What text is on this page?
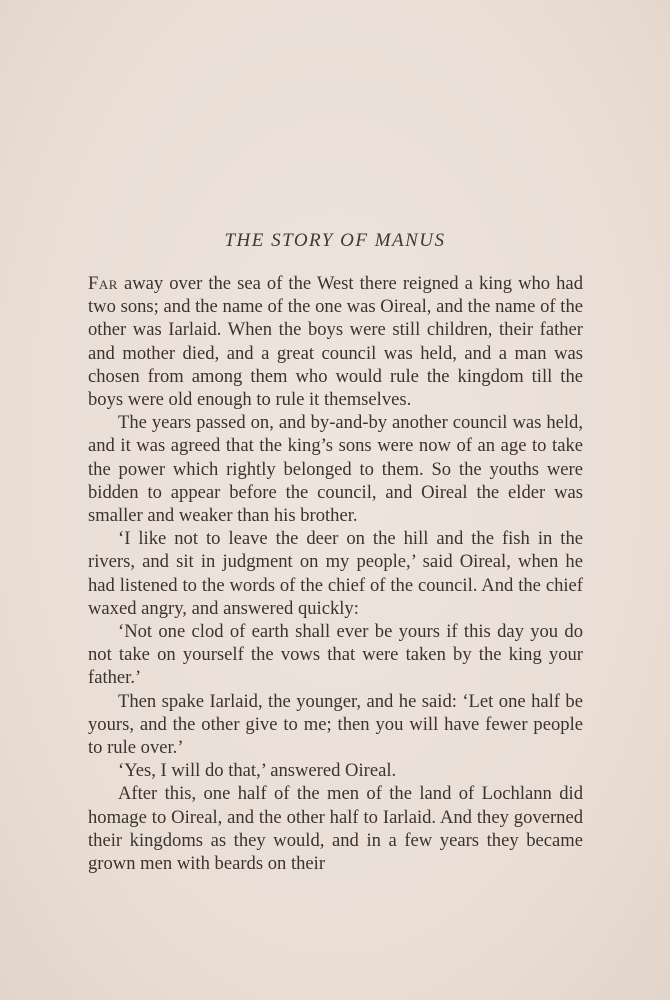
THE STORY OF MANUS

Far away over the sea of the West there reigned a king who had two sons; and the name of the one was Oireal, and the name of the other was Iarlaid. When the boys were still children, their father and mother died, and a great council was held, and a man was chosen from among them who would rule the kingdom till the boys were old enough to rule it themselves.

The years passed on, and by-and-by another council was held, and it was agreed that the king’s sons were now of an age to take the power which rightly belonged to them. So the youths were bidden to appear before the council, and Oireal the elder was smaller and weaker than his brother.

‘I like not to leave the deer on the hill and the fish in the rivers, and sit in judgment on my people,’ said Oireal, when he had listened to the words of the chief of the council. And the chief waxed angry, and answered quickly:

‘Not one clod of earth shall ever be yours if this day you do not take on yourself the vows that were taken by the king your father.’

Then spake Iarlaid, the younger, and he said: ‘Let one half be yours, and the other give to me; then you will have fewer people to rule over.’

‘Yes, I will do that,’ answered Oireal.

After this, one half of the men of the land of Lochlann did homage to Oireal, and the other half to Iarlaid. And they governed their kingdoms as they would, and in a few years they became grown men with beards on their
